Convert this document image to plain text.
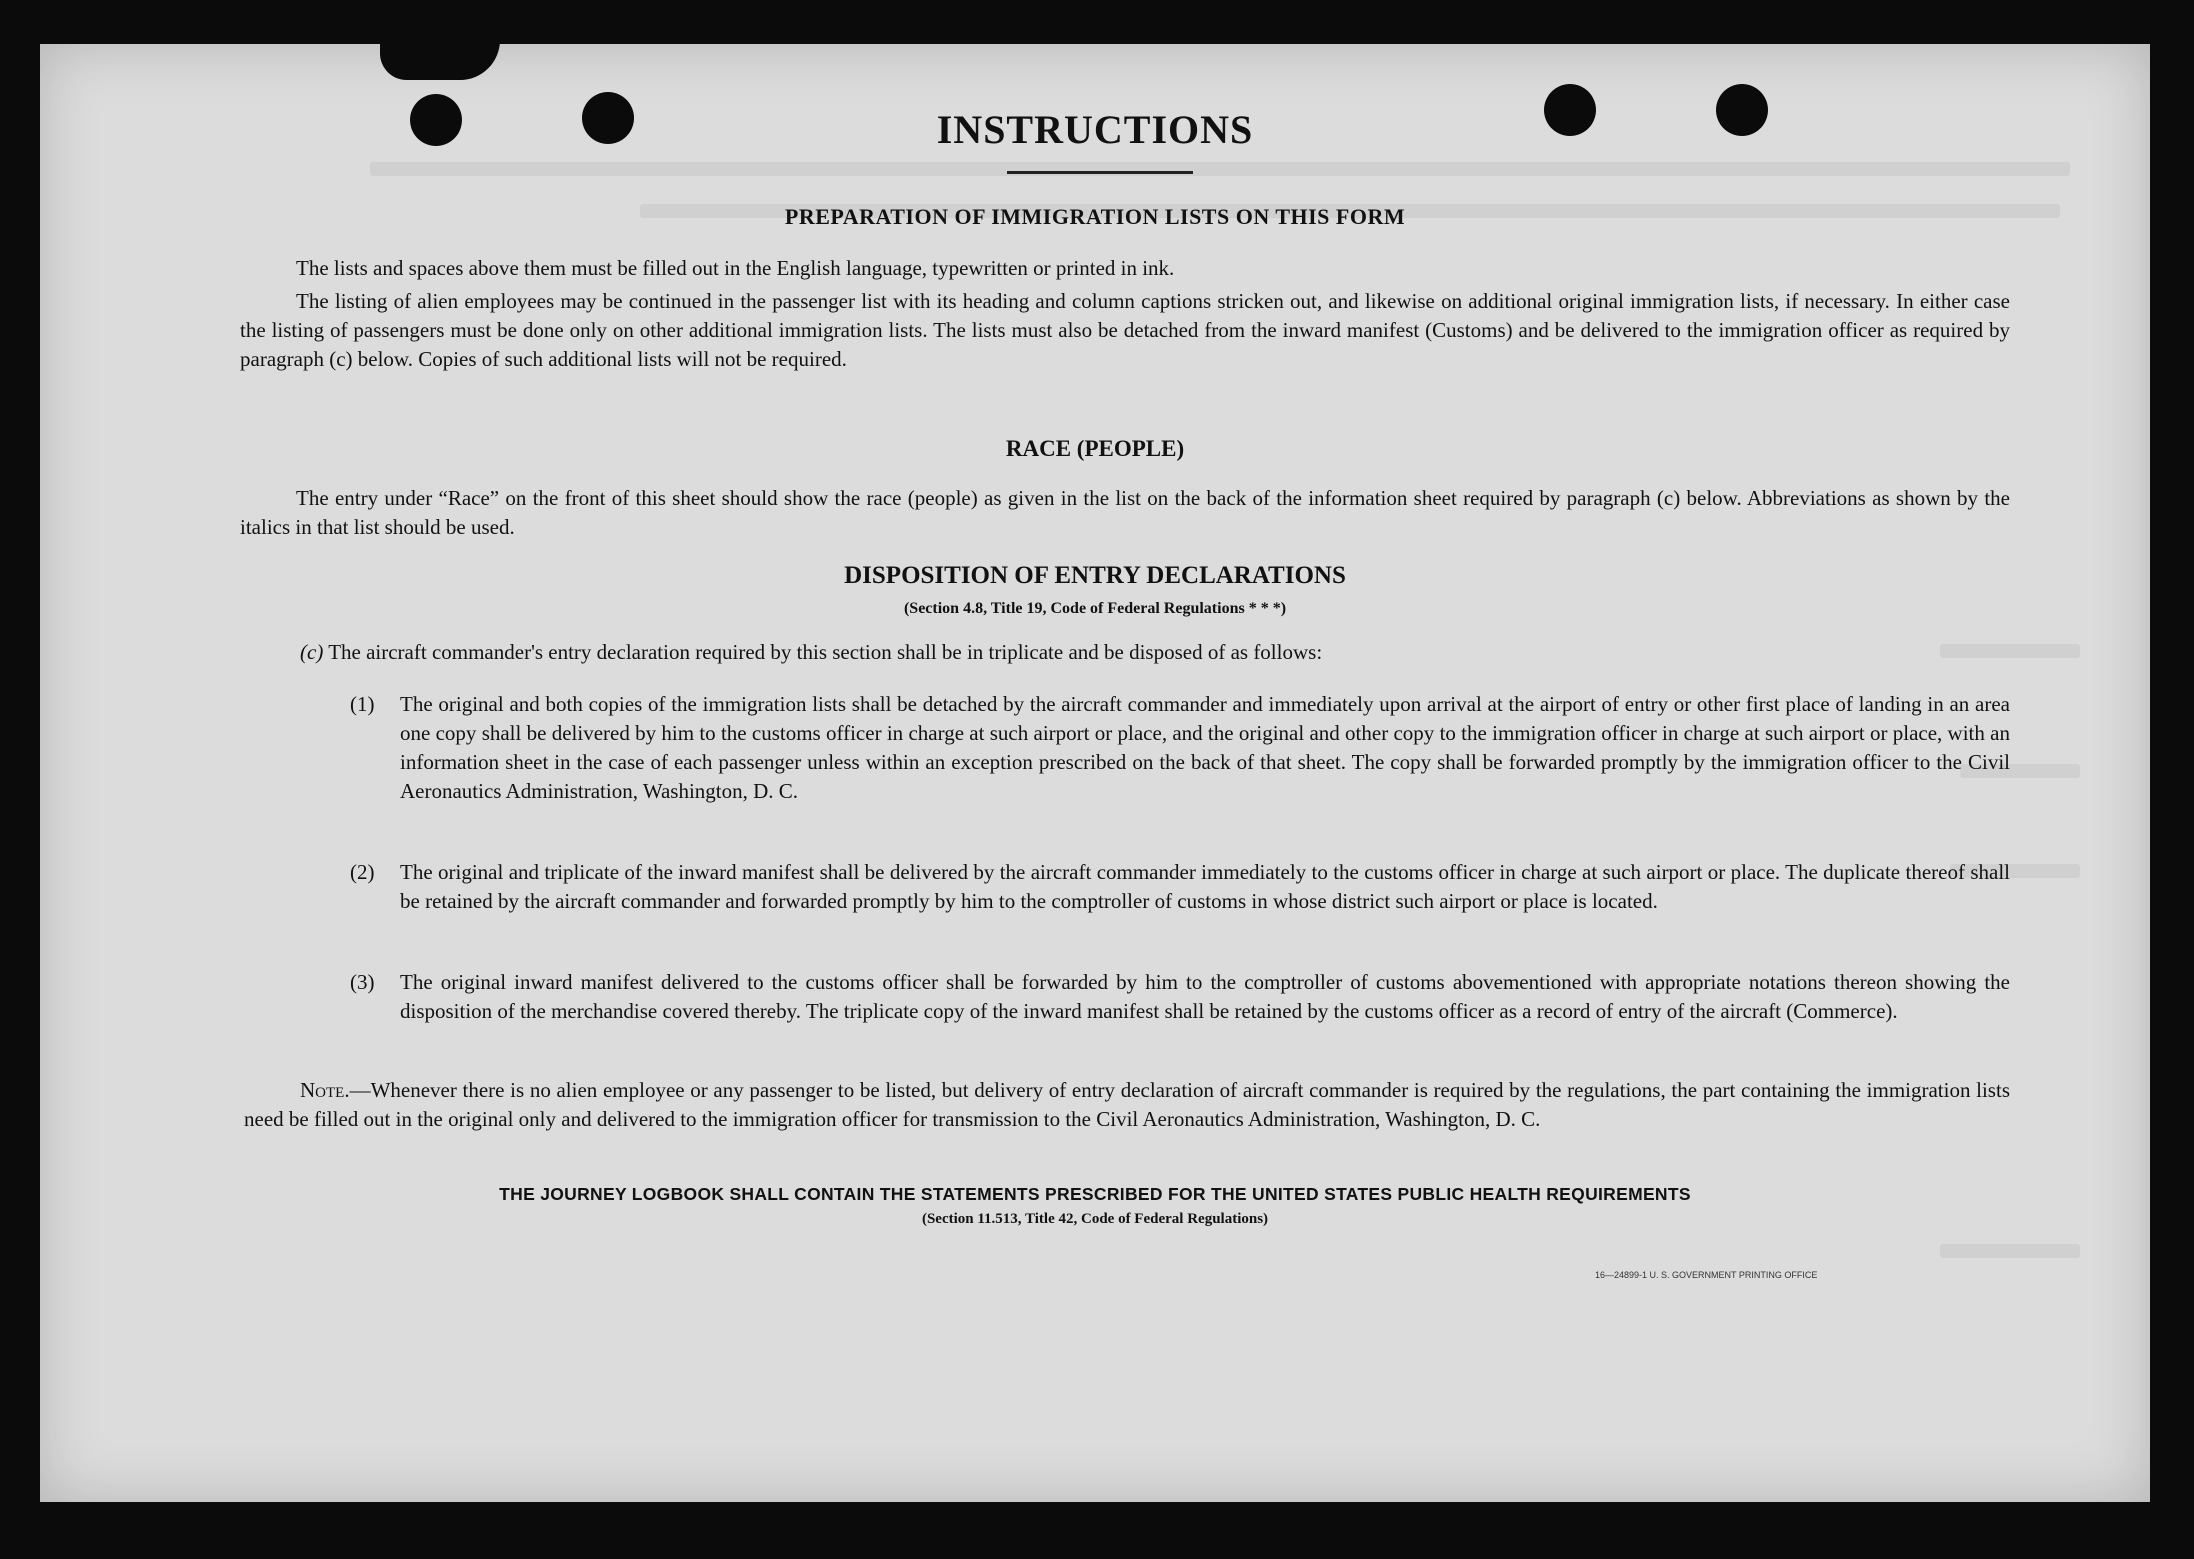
INSTRUCTIONS
PREPARATION OF IMMIGRATION LISTS ON THIS FORM

The lists and spaces above them must be filled out in the English language, typewritten or printed in ink.

The listing of alien employees may be continued in the passenger list with its heading and column captions stricken out, and likewise on additional original immigration lists, if necessary. In either case the listing of passengers must be done only on other additional immigration lists. The lists must also be detached from the inward manifest (Customs) and be delivered to the immigration officer as required by paragraph (c) below. Copies of such additional lists will not be required.

RACE (PEOPLE)

The entry under “Race” on the front of this sheet should show the race (people) as given in the list on the back of the information sheet required by paragraph (c) below. Abbreviations as shown by the italics in that list should be used.

DISPOSITION OF ENTRY DECLARATIONS

(Section 4.8, Title 19, Code of Federal Regulations * * *)

(c) The aircraft commander's entry declaration required by this section shall be in triplicate and be disposed of as follows:

(1) The original and both copies of the immigration lists shall be detached by the aircraft commander and immediately upon arrival at the airport of entry or other first place of landing in an area one copy shall be delivered by him to the customs officer in charge at such airport or place, and the original and other copy to the immigration officer in charge at such airport or place, with an information sheet in the case of each passenger unless within an exception prescribed on the back of that sheet. The copy shall be forwarded promptly by the immigration officer to the Civil Aeronautics Administration, Washington, D. C.
(2) The original and triplicate of the inward manifest shall be delivered by the aircraft commander immediately to the customs officer in charge at such airport or place. The duplicate thereof shall be retained by the aircraft commander and forwarded promptly by him to the comptroller of customs in whose district such airport or place is located.
(3) The original inward manifest delivered to the customs officer shall be forwarded by him to the comptroller of customs abovementioned with appropriate notations thereon showing the disposition of the merchandise covered thereby. The triplicate copy of the inward manifest shall be retained by the customs officer as a record of entry of the aircraft (Commerce).

Note.—Whenever there is no alien employee or any passenger to be listed, but delivery of entry declaration of aircraft commander is required by the regulations, the part containing the immigration lists need be filled out in the original only and delivered to the immigration officer for transmission to the Civil Aeronautics Administration, Washington, D. C.

THE JOURNEY LOGBOOK SHALL CONTAIN THE STATEMENTS PRESCRIBED FOR THE UNITED STATES PUBLIC HEALTH REQUIREMENTS

(Section 11.513, Title 42, Code of Federal Regulations)

16—24899-1 U. S. GOVERNMENT PRINTING OFFICE
